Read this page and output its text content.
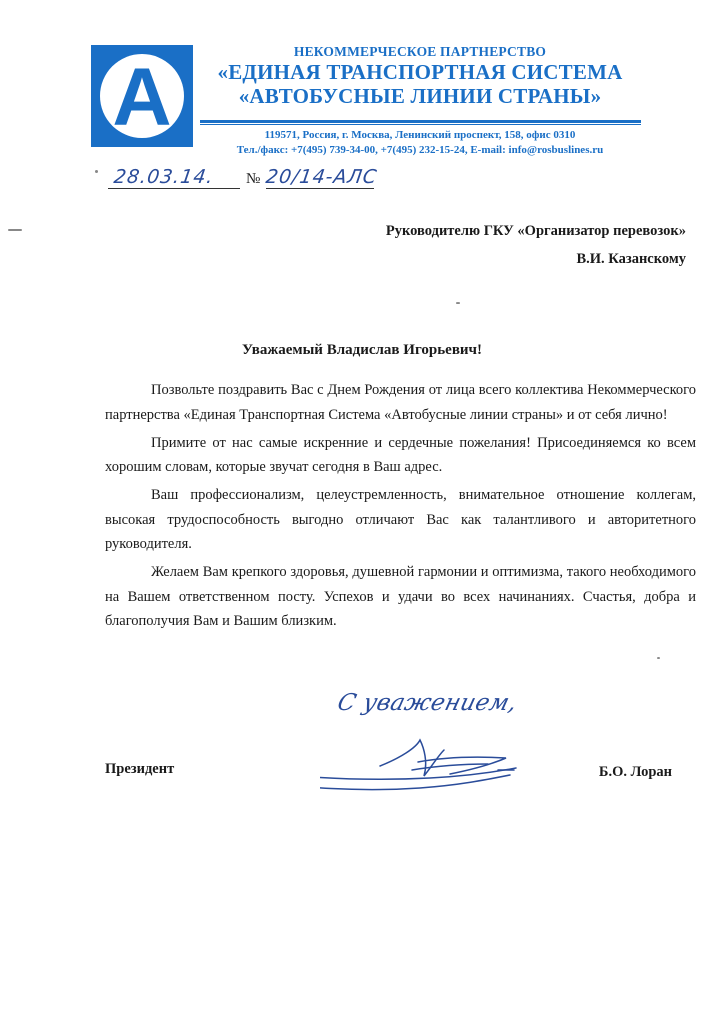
А
НЕКОММЕРЧЕСКОЕ ПАРТНЕРСТВО
«ЕДИНАЯ ТРАНСПОРТНАЯ СИСТЕМА
«АВТОБУСНЫЕ ЛИНИИ СТРАНЫ»
119571, Россия, г. Москва, Ленинский проспект, 158, офис 0310
Тел./факс: +7(495) 739-34-00, +7(495) 232-15-24, E-mail: info@rosbuslines.ru
28.03.14. № 20/14-АЛС
Руководителю ГКУ «Организатор перевозок»
В.И. Казанскому
Уважаемый Владислав Игорьевич!

Позвольте поздравить Вас с Днем Рождения от лица всего коллектива Некоммерческого партнерства «Единая Транспортная Система «Автобусные линии страны» и от себя лично!

Примите от нас самые искренние и сердечные пожелания! Присоединяемся ко всем хорошим словам, которые звучат сегодня в Ваш адрес.

Ваш профессионализм, целеустремленность, внимательное отношение коллегам, высокая трудоспособность выгодно отличают Вас как талантливого и авторитетного руководителя.

Желаем Вам крепкого здоровья, душевной гармонии и оптимизма, такого необходимого на Вашем ответственном посту. Успехов и удачи во всех начинаниях. Счастья, добра и благополучия Вам и Вашим близким.

С уважением,
Президент	Б.О. Лоран
